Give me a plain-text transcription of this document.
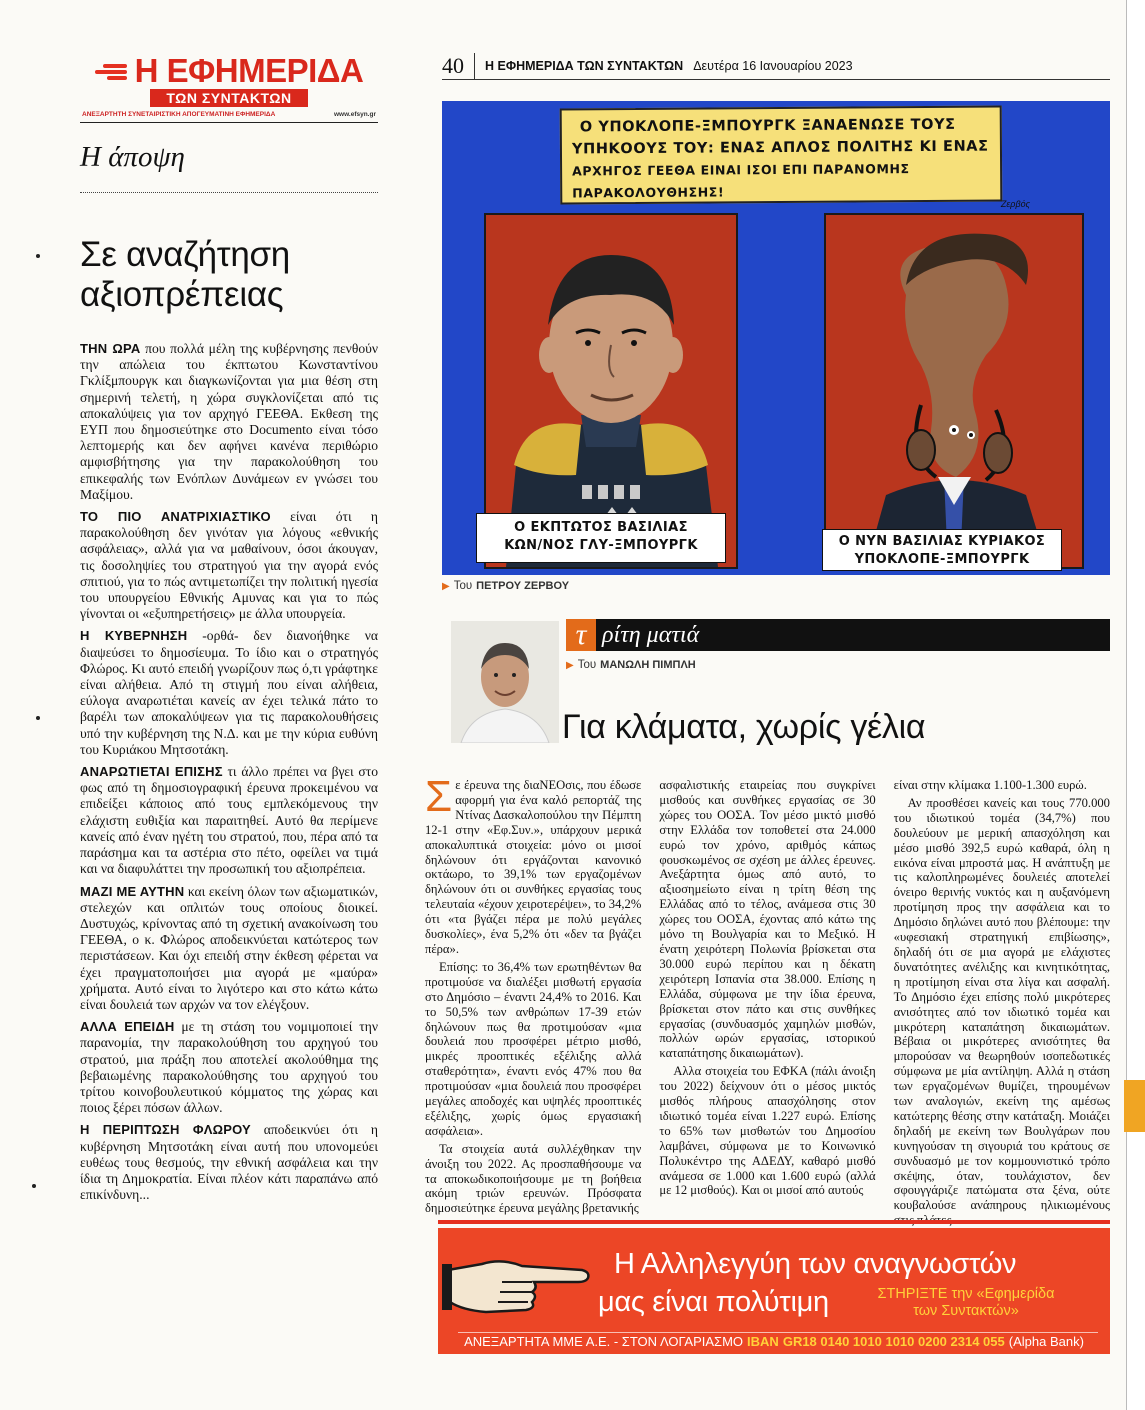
Η ΕΦΗΜΕΡΙΔΑ
ΤΩΝ ΣΥΝΤΑΚΤΩΝ
ΑΝΕΞΑΡΤΗΤΗ ΣΥΝΕΤΑΙΡΙΣΤΙΚΗ ΑΠΟΓΕΥΜΑΤΙΝΗ ΕΦΗΜΕΡΙΔΑ	www.efsyn.gr
Η άποψη
Σε αναζήτηση
αξιοπρέπειας

ΤΗΝ ΩΡΑ που πολλά μέλη της κυβέρνησης πενθούν την απώλεια του έκπτωτου Κωνσταντίνου Γκλίξμπουργκ και διαγκωνίζονται για μια θέση στη σημερινή τελετή, η χώρα συγκλονίζεται από τις αποκαλύψεις για τον αρχηγό ΓΕΕΘΑ. Εκθεση της ΕΥΠ που δημοσιεύτηκε στο Documento είναι τόσο λεπτομερής και δεν αφήνει κανένα περιθώριο αμφισβήτησης για την παρακολούθηση του επικεφαλής των Ενόπλων Δυνάμεων εν γνώσει του Μαξίμου.

ΤΟ ΠΙΟ ΑΝΑΤΡΙΧΙΑΣΤΙΚΟ είναι ότι η παρακολούθηση δεν γινόταν για λόγους «εθνικής ασφάλειας», αλλά για να μαθαίνουν, όσοι άκουγαν, τις δοσοληψίες του στρατηγού για την αγορά ενός σπιτιού, για το πώς αντιμετωπίζει την πολιτική ηγεσία του υπουργείου Εθνικής Αμυνας και για το πώς γίνονται οι «εξυπηρετήσεις» με άλλα υπουργεία.

Η ΚΥΒΕΡΝΗΣΗ -ορθά- δεν διανοήθηκε να διαψεύσει το δημοσίευμα. Το ίδιο και ο στρατηγός Φλώρος. Κι αυτό επειδή γνωρίζουν πως ό,τι γράφτηκε είναι αλήθεια. Από τη στιγμή που είναι αλήθεια, εύλογα αναρωτιέται κανείς αν έχει τελικά πάτο το βαρέλι των αποκαλύψεων για τις παρακολουθήσεις υπό την κυβέρνηση της Ν.Δ. και με την κύρια ευθύνη του Κυριάκου Μητσοτάκη.

ΑΝΑΡΩΤΙΕΤΑΙ ΕΠΙΣΗΣ τι άλλο πρέπει να βγει στο φως από τη δημοσιογραφική έρευνα προκειμένου να επιδείξει κάποιος από τους εμπλεκόμενους την ελάχιστη ευθιξία και παραιτηθεί. Αυτό θα περίμενε κανείς από έναν ηγέτη του στρατού, που, πέρα από τα παράσημα και τα αστέρια στο πέτο, οφείλει να τιμά και να διαφυλάττει την προσωπική του αξιοπρέπεια.

ΜΑΖΙ ΜΕ ΑΥΤΗΝ και εκείνη όλων των αξιωματικών, στελεχών και οπλιτών τους οποίους διοικεί. Δυστυχώς, κρίνοντας από τη σχετική ανακοίνωση του ΓΕΕΘΑ, ο κ. Φλώρος αποδεικνύεται κατώτερος των περιστάσεων. Και όχι επειδή στην έκθεση φέρεται να έχει πραγματοποιήσει μια αγορά με «μαύρα» χρήματα. Αυτό είναι το λιγότερο και στο κάτω κάτω είναι δουλειά των αρχών να τον ελέγξουν.

ΑΛΛΑ ΕΠΕΙΔΗ με τη στάση του νομιμοποιεί την παρανομία, την παρακολούθηση του αρχηγού του στρατού, μια πράξη που αποτελεί ακολούθημα της βεβαιωμένης παρακολούθησης του αρχηγού του τρίτου κοινοβουλευτικού κόμματος της χώρας και ποιος ξέρει πόσων άλλων.

Η ΠΕΡΙΠΤΩΣΗ ΦΛΩΡΟΥ αποδεικνύει ότι η κυβέρνηση Μητσοτάκη είναι αυτή που υπονομεύει ευθέως τους θεσμούς, την εθνική ασφάλεια και την ίδια τη Δημοκρατία. Είναι πλέον κάτι παραπάνω από επικίνδυνη...

40	Η ΕΦΗΜΕΡΙΔΑ ΤΩΝ ΣΥΝΤΑΚΤΩΝ Δευτέρα 16 Ιανουαρίου 2023
Ο ΥΠΟΚΛΟΠΕ-ΞΜΠΟΥΡΓΚ ΞΑΝΑΕΝΩΣΕ ΤΟΥΣ
ΥΠΗΚΟΟΥΣ ΤΟΥ: ΕΝΑΣ ΑΠΛΟΣ ΠΟΛΙΤΗΣ ΚΙ ΕΝΑΣ
ΑΡΧΗΓΟΣ ΓΕΕΘΑ ΕΙΝΑΙ ΙΣΟΙ ΕΠΙ ΠΑΡΑΝΟΜΗΣ ΠΑΡΑΚΟΛΟΥΘΗΣΗΣ!
Ζερβός
Ο ΕΚΠΤΩΤΟΣ ΒΑΣΙΛΙΑΣ
ΚΩΝ/ΝΟΣ ΓΛΥ-ΞΜΠΟΥΡΓΚ	Ο ΝΥΝ ΒΑΣΙΛΙΑΣ ΚΥΡΙΑΚΟΣ
ΥΠΟΚΛΟΠΕ-ΞΜΠΟΥΡΓΚ
▶ Του ΠΕΤΡΟΥ ΖΕΡΒΟΥ
τ ρίτη ματιά
▶ Του ΜΑΝΩΛΗ ΠΙΜΠΛΗ
Για κλάματα, χωρίς γέλια

Σε έρευνα της διαΝΕΟσις, που έδωσε αφορμή για ένα καλό ρεπορτάζ της Ντίνας Δασκαλοπούλου την Πέμπτη 12-1 στην «Εφ.Συν.», υπάρχουν μερικά αποκαλυπτικά στοιχεία: μόνο οι μισοί δηλώνουν ότι εργάζονται κανονικό οκτάωρο, το 39,1% των εργαζομένων δηλώνουν ότι οι συνθήκες εργασίας τους τελευταία «έχουν χειροτερέψει», το 34,2% ότι «τα βγάζει πέρα με πολύ μεγάλες δυσκολίες», ένα 5,2% ότι «δεν τα βγάζει πέρα».

Επίσης: το 36,4% των ερωτηθέντων θα προτιμούσε να διαλέξει μισθωτή εργασία στο Δημόσιο – έναντι 24,4% το 2016. Και το 50,5% των ανθρώπων 17-39 ετών δηλώνουν πως θα προτιμούσαν «μια δουλειά που προσφέρει μέτριο μισθό, μικρές προοπτικές εξέλιξης αλλά σταθερότητα», έναντι ενός 47% που θα προτιμούσαν «μια δουλειά που προσφέρει μεγάλες αποδοχές και υψηλές προοπτικές εξέλιξης, χωρίς όμως εργασιακή ασφάλεια».

Τα στοιχεία αυτά συλλέχθηκαν την άνοιξη του 2022. Ας προσπαθήσουμε να τα αποκωδικοποιήσουμε με τη βοήθεια ακόμη τριών ερευνών. Πρόσφατα δημοσιεύτηκε έρευνα μεγάλης βρετανικής

ασφαλιστικής εταιρείας που συγκρίνει μισθούς και συνθήκες εργασίας σε 30 χώρες του ΟΟΣΑ. Τον μέσο μικτό μισθό στην Ελλάδα τον τοποθετεί στα 24.000 ευρώ τον χρόνο, αριθμός κάπως φουσκωμένος σε σχέση με άλλες έρευνες. Ανεξάρτητα όμως από αυτό, το αξιοσημείωτο είναι η τρίτη θέση της Ελλάδας από το τέλος, ανάμεσα στις 30 χώρες του ΟΟΣΑ, έχοντας από κάτω της μόνο τη Βουλγαρία και το Μεξικό. Η ένατη χειρότερη Πολωνία βρίσκεται στα 30.000 ευρώ περίπου και η δέκατη χειρότερη Ισπανία στα 38.000. Επίσης η Ελλάδα, σύμφωνα με την ίδια έρευνα, βρίσκεται στον πάτο και στις συνθήκες εργασίας (συνδυασμός χαμηλών μισθών, πολλών ωρών εργασίας, ιστορικού καταπάτησης δικαιωμάτων).

Αλλα στοιχεία του ΕΦΚΑ (πάλι άνοιξη του 2022) δείχνουν ότι ο μέσος μικτός μισθός πλήρους απασχόλησης στον ιδιωτικό τομέα είναι 1.227 ευρώ. Επίσης το 65% των μισθωτών του Δημοσίου λαμβάνει, σύμφωνα με το Κοινωνικό Πολυκέντρο της ΑΔΕΔΥ, καθαρό μισθό ανάμεσα σε 1.000 και 1.600 ευρώ (αλλά με 12 μισθούς). Και οι μισοί από αυτούς

είναι στην κλίμακα 1.100-1.300 ευρώ.

Αν προσθέσει κανείς και τους 770.000 του ιδιωτικού τομέα (34,7%) που δουλεύουν με μερική απασχόληση και μέσο μισθό 392,5 ευρώ καθαρά, όλη η εικόνα είναι μπροστά μας. Η ανάπτυξη με τις καλοπληρωμένες δουλειές αποτελεί όνειρο θερινής νυκτός και η αυξανόμενη προτίμηση προς την ασφάλεια και το Δημόσιο δηλώνει αυτό που βλέπουμε: την «υφεσιακή στρατηγική επιβίωσης», δηλαδή ότι σε μια αγορά με ελάχιστες δυνατότητες ανέλιξης και κινητικότητας, η προτίμηση είναι στα λίγα και ασφαλή. Το Δημόσιο έχει επίσης πολύ μικρότερες ανισότητες από τον ιδιωτικό τομέα και μικρότερη καταπάτηση δικαιωμάτων. Βέβαια οι μικρότερες ανισότητες θα μπορούσαν να θεωρηθούν ισοπεδωτικές σύμφωνα με μία αντίληψη. Αλλά η στάση των εργαζομένων θυμίζει, τηρουμένων των αναλογιών, εκείνη της αμέσως κατώτερης θέσης στην κατάταξη. Μοιάζει δηλαδή με εκείνη των Βουλγάρων που κυνηγούσαν τη σιγουριά του κράτους σε συνδυασμό με τον κομμουνιστικό τρόπο σκέψης, όταν, τουλάχιστον, δεν σφουγγάριζε πατώματα στα ξένα, ούτε κουβαλούσε ανάπηρους ηλικιωμένους στις πλάτες.

Η Αλληλεγγύη των αναγνωστών
μας είναι πολύτιμη	ΣΤΗΡΙΞΤΕ την «Εφημερίδα
των Συντακτών»
ΑΝΕΞΑΡΤΗΤΑ ΜΜΕ Α.Ε. - ΣΤΟΝ ΛΟΓΑΡΙΑΣΜΟ IBAN GR18 0140 1010 1010 0200 2314 055 (Alpha Bank)
